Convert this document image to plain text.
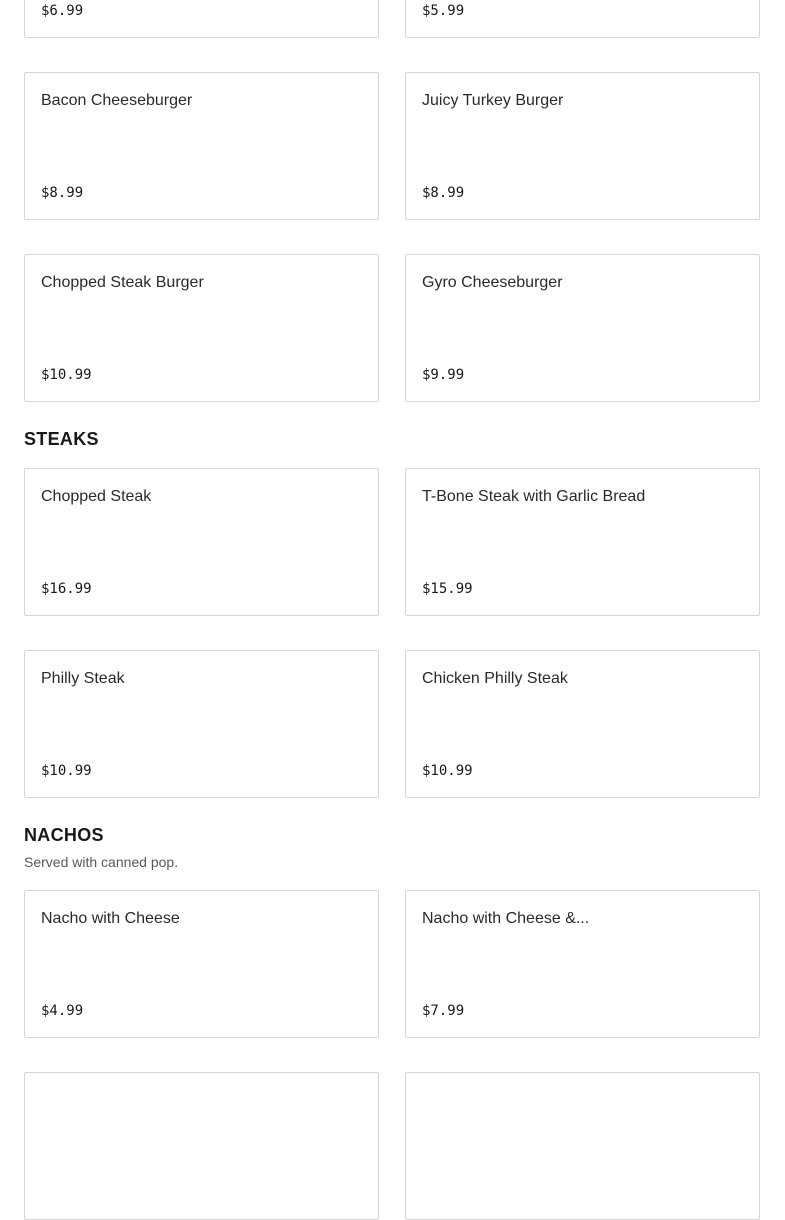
$6.99	$5.99
Bacon Cheeseburger
$8.99
Juicy Turkey Burger
$8.99
Chopped Steak Burger
$10.99
Gyro Cheeseburger
$9.99
STEAKS
Chopped Steak
$16.99
T-Bone Steak with Garlic Bread
$15.99
Philly Steak
$10.99
Chicken Philly Steak
$10.99
NACHOS

Served with canned pop.

Nacho with Cheese
$4.99
Nacho with Cheese &...
$7.99
